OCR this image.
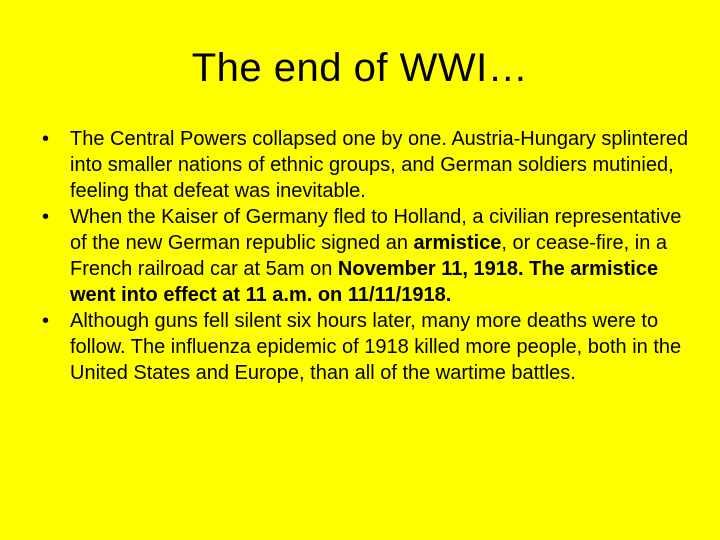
The end of WWI…
•	The Central Powers collapsed one by one. Austria-Hungary splintered into smaller nations of ethnic groups, and German soldiers mutinied, feeling that defeat was inevitable.
•	When the Kaiser of Germany fled to Holland, a civilian representative of the new German republic signed an armistice, or cease-fire, in a French railroad car at 5am on November 11, 1918. The armistice went into effect at 11 a.m. on 11/11/1918.
•	Although guns fell silent six hours later, many more deaths were to follow. The influenza epidemic of 1918 killed more people, both in the United States and Europe, than all of the wartime battles.
